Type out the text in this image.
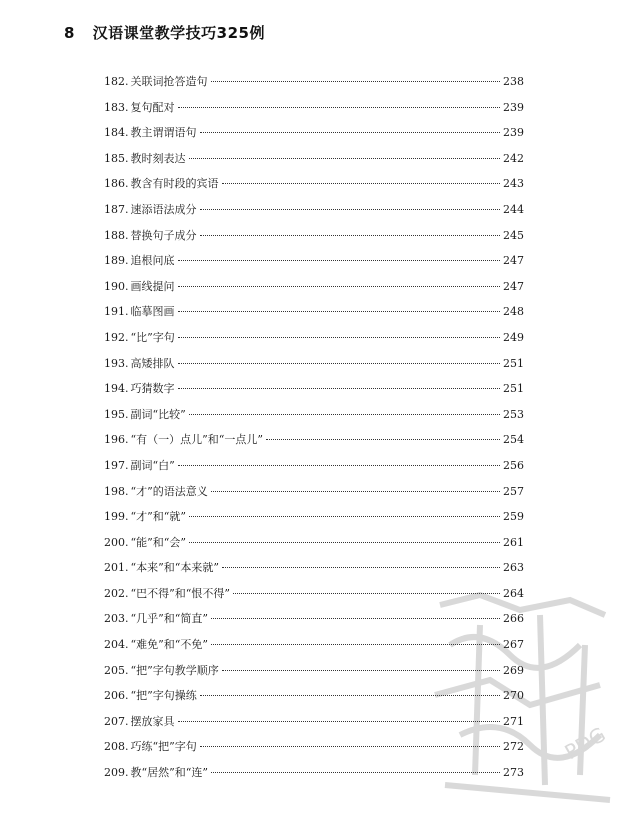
8 汉语课堂教学技巧325例
182. 关联词抢答造句	238
183. 复句配对	239
184. 教主谓谓语句	239
185. 教时刻表达	242
186. 教含有时段的宾语	243
187. 速添语法成分	244
188. 替换句子成分	245
189. 追根问底	247
190. 画线提问	247
191. 临摹图画	248
192. “比”字句	249
193. 高矮排队	251
194. 巧猜数字	251
195. 副词“比较”	253
196. “有（一）点儿”和“一点儿”	254
197. 副词“白”	256
198. “才”的语法意义	257
199. “才”和“就”	259
200. “能”和“会”	261
201. “本来”和“本来就”	263
202. “巴不得”和“恨不得”	264
203. “几乎”和“简直”	266
204. “难免”和“不免”	267
205. “把”字句教学顺序	269
206. “把”字句操练	270
207. 摆放家具	271
208. 巧练“把”字句	272
209. 教“居然”和“连”	273
PDG
